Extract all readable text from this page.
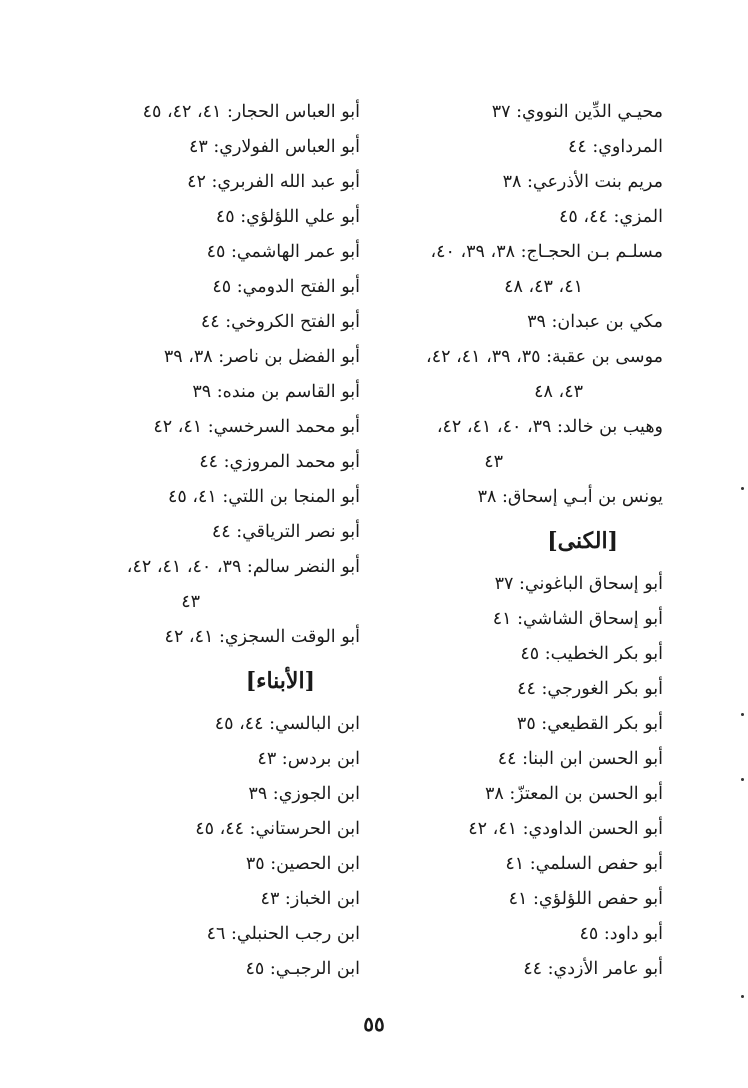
محيـي الدِّين النووي: ٣٧
المرداوي: ٤٤
مريم بنت الأذرعي: ٣٨
المزي: ٤٤، ٤٥
مسلـم بـن الحجـاج: ٣٨، ٣٩، ٤٠،
٤١، ٤٣، ٤٨
مكي بن عبدان: ٣٩
موسى بن عقبة: ٣٥، ٣٩، ٤١، ٤٢،
٤٣، ٤٨
وهيب بن خالد: ٣٩، ٤٠، ٤١، ٤٢،
٤٣
يونس بن أبـي إسحاق: ٣٨
[الكنى]
أبو إسحاق الباغوني: ٣٧
أبو إسحاق الشاشي: ٤١
أبو بكر الخطيب: ٤٥
أبو بكر الغورجي: ٤٤
أبو بكر القطيعي: ٣٥
أبو الحسن ابن البنا: ٤٤
أبو الحسن بن المعتزّ: ٣٨
أبو الحسن الداودي: ٤١، ٤٢
أبو حفص السلمي: ٤١
أبو حفص اللؤلؤي: ٤١
أبو داود: ٤٥
أبو عامر الأزدي: ٤٤
أبو العباس الحجار: ٤١، ٤٢، ٤٥
أبو العباس الفولاري: ٤٣
أبو عبد الله الفربري: ٤٢
أبو علي اللؤلؤي: ٤٥
أبو عمر الهاشمي: ٤٥
أبو الفتح الدومي: ٤٥
أبو الفتح الكروخي: ٤٤
أبو الفضل بن ناصر: ٣٨، ٣٩
أبو القاسم بن منده: ٣٩
أبو محمد السرخسي: ٤١، ٤٢
أبو محمد المروزي: ٤٤
أبو المنجا بن اللتي: ٤١، ٤٥
أبو نصر الترياقي: ٤٤
أبو النضر سالم: ٣٩، ٤٠، ٤١، ٤٢،
٤٣
أبو الوقت السجزي: ٤١، ٤٢
[الأبناء]
ابن البالسي: ٤٤، ٤٥
ابن بردس: ٤٣
ابن الجوزي: ٣٩
ابن الحرستاني: ٤٤، ٤٥
ابن الحصين: ٣٥
ابن الخباز: ٤٣
ابن رجب الحنبلي: ٤٦
ابن الرجبـي: ٤٥
٥٥
